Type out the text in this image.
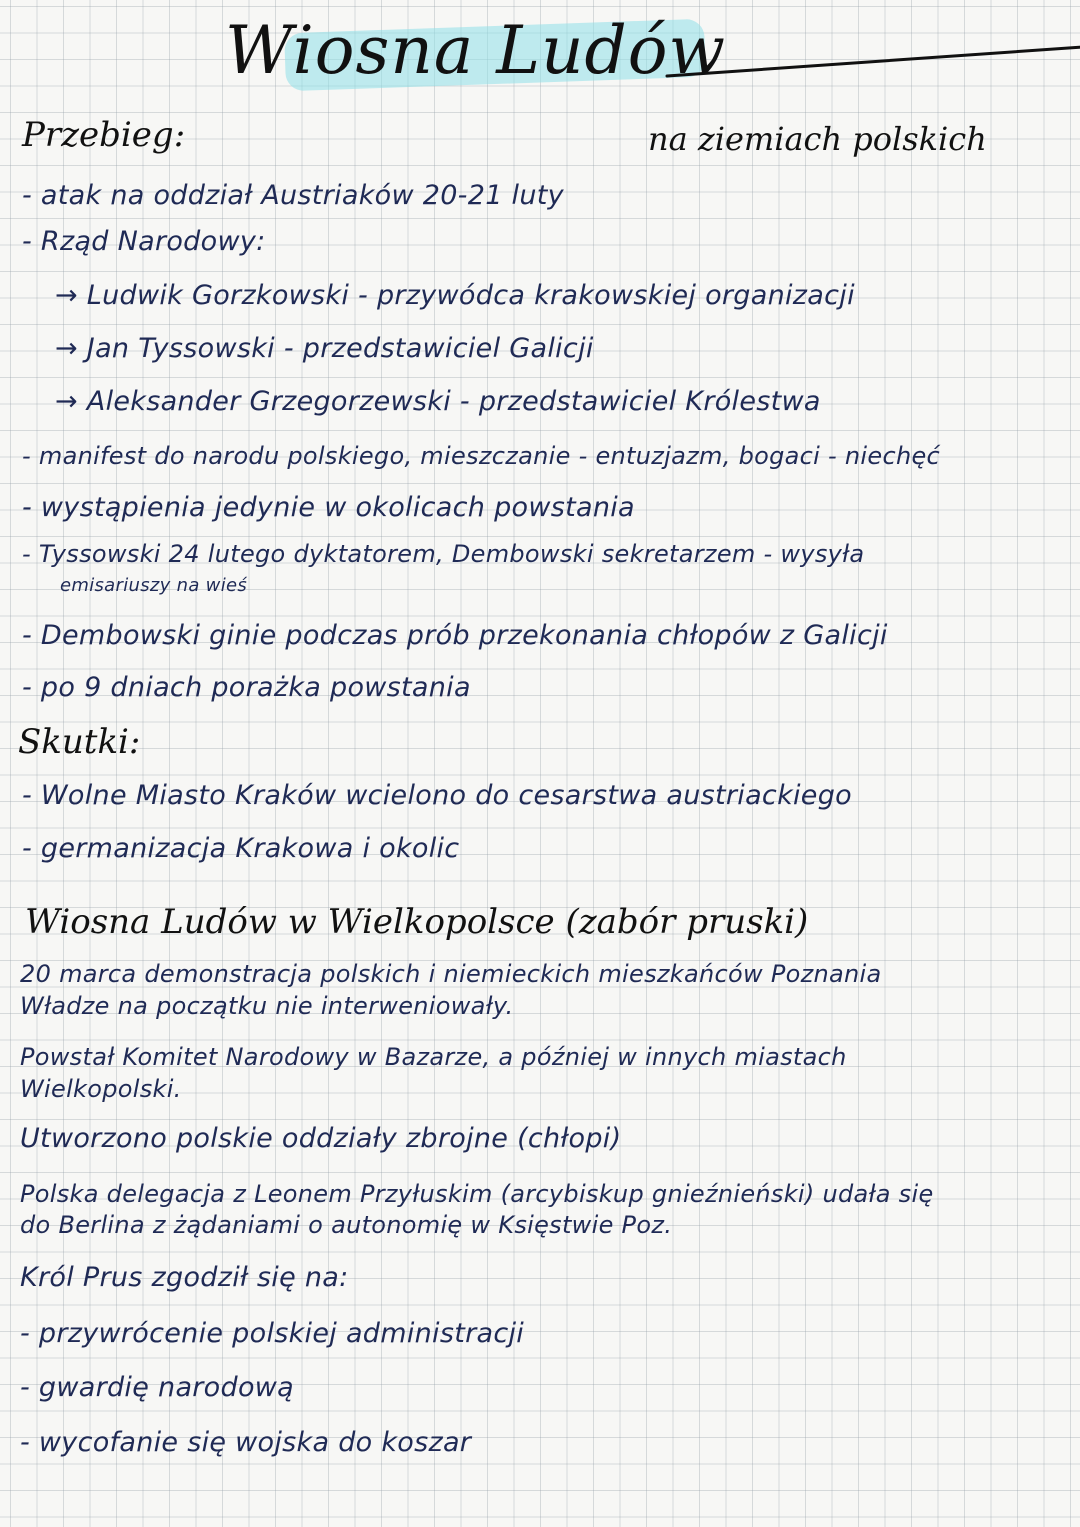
Wiosna Ludów
na ziemiach polskich
Przebieg:
- atak na oddział Austriaków 20-21 luty
- Rząd Narodowy:
→ Ludwik Gorzkowski - przywódca krakowskiej organizacji
→ Jan Tyssowski - przedstawiciel Galicji
→ Aleksander Grzegorzewski - przedstawiciel Królestwa
- manifest do narodu polskiego, mieszczanie - entuzjazm, bogaci - niechęć
- wystąpienia jedynie w okolicach powstania
- Tyssowski 24 lutego dyktatorem, Dembowski sekretarzem - wysyła
emisariuszy na wieś
- Dembowski ginie podczas prób przekonania chłopów z Galicji
- po 9 dniach porażka powstania
Skutki:
- Wolne Miasto Kraków wcielono do cesarstwa austriackiego
- germanizacja Krakowa i okolic
Wiosna Ludów w Wielkopolsce (zabór pruski)
20 marca demonstracja polskich i niemieckich mieszkańców Poznania
Władze na początku nie interweniowały.
Powstał Komitet Narodowy w Bazarze, a później w innych miastach
Wielkopolski.
Utworzono polskie oddziały zbrojne (chłopi)
Polska delegacja z Leonem Przyłuskim (arcybiskup gnieźnieński) udała się
do Berlina z żądaniami o autonomię w Księstwie Poz.
Król Prus zgodził się na:
- przywrócenie polskiej administracji
- gwardię narodową
- wycofanie się wojska do koszar
